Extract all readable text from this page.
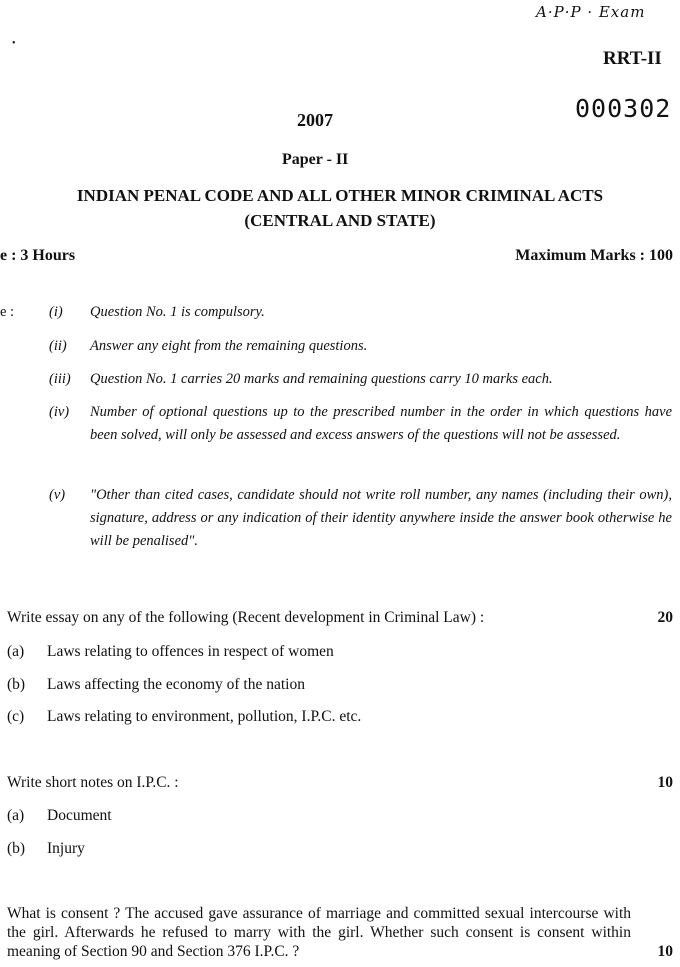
A·P·P · Exam
•
RRT-II
000302
2007
Paper - II
INDIAN PENAL CODE AND ALL OTHER MINOR CRIMINAL ACTS
(CENTRAL AND STATE)
e : 3 Hours	Maximum Marks : 100
e : (i) Question No. 1 is compulsory.
(ii) Answer any eight from the remaining questions.
(iii) Question No. 1 carries 20 marks and remaining questions carry 10 marks each.
(iv) Number of optional questions up to the prescribed number in the order in which questions have been solved, will only be assessed and excess answers of the questions will not be assessed.
(v) "Other than cited cases, candidate should not write roll number, any names (including their own), signature, address or any indication of their identity anywhere inside the answer book otherwise he will be penalised".
Write essay on any of the following (Recent development in Criminal Law) :	20
(a) Laws relating to offences in respect of women
(b) Laws affecting the economy of the nation
(c) Laws relating to environment, pollution, I.P.C. etc.
Write short notes on I.P.C. :	10
(a) Document
(b) Injury
What is consent ? The accused gave assurance of marriage and committed sexual intercourse with the girl. Afterwards he refused to marry with the girl. Whether such consent is consent within meaning of Section 90 and Section 376 I.P.C. ?	10
